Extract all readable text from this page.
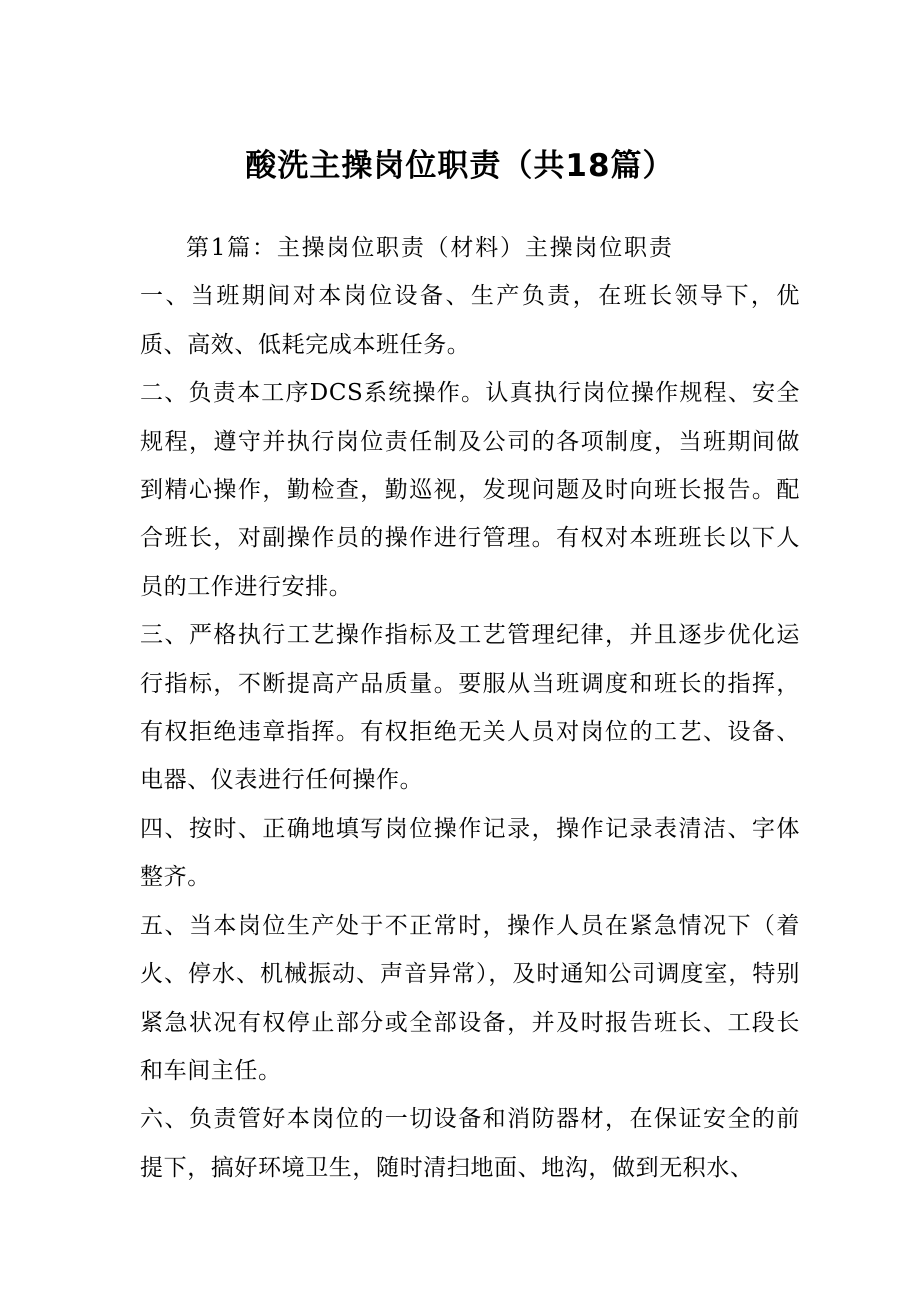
酸洗主操岗位职责（共18篇）

第1篇：主操岗位职责（材料）主操岗位职责

一、当班期间对本岗位设备、生产负责，在班长领导下，优质、高效、低耗完成本班任务。

二、负责本工序DCS系统操作。认真执行岗位操作规程、安全规程，遵守并执行岗位责任制及公司的各项制度，当班期间做到精心操作，勤检查，勤巡视，发现问题及时向班长报告。配合班长，对副操作员的操作进行管理。有权对本班班长以下人员的工作进行安排。

三、严格执行工艺操作指标及工艺管理纪律，并且逐步优化运行指标，不断提高产品质量。要服从当班调度和班长的指挥，有权拒绝违章指挥。有权拒绝无关人员对岗位的工艺、设备、电器、仪表进行任何操作。

四、按时、正确地填写岗位操作记录，操作记录表清洁、字体整齐。

五、当本岗位生产处于不正常时，操作人员在紧急情况下（着火、停水、机械振动、声音异常），及时通知公司调度室，特别紧急状况有权停止部分或全部设备，并及时报告班长、工段长和车间主任。

六、负责管好本岗位的一切设备和消防器材，在保证安全的前提下，搞好环境卫生，随时清扫地面、地沟，做到无积水、
